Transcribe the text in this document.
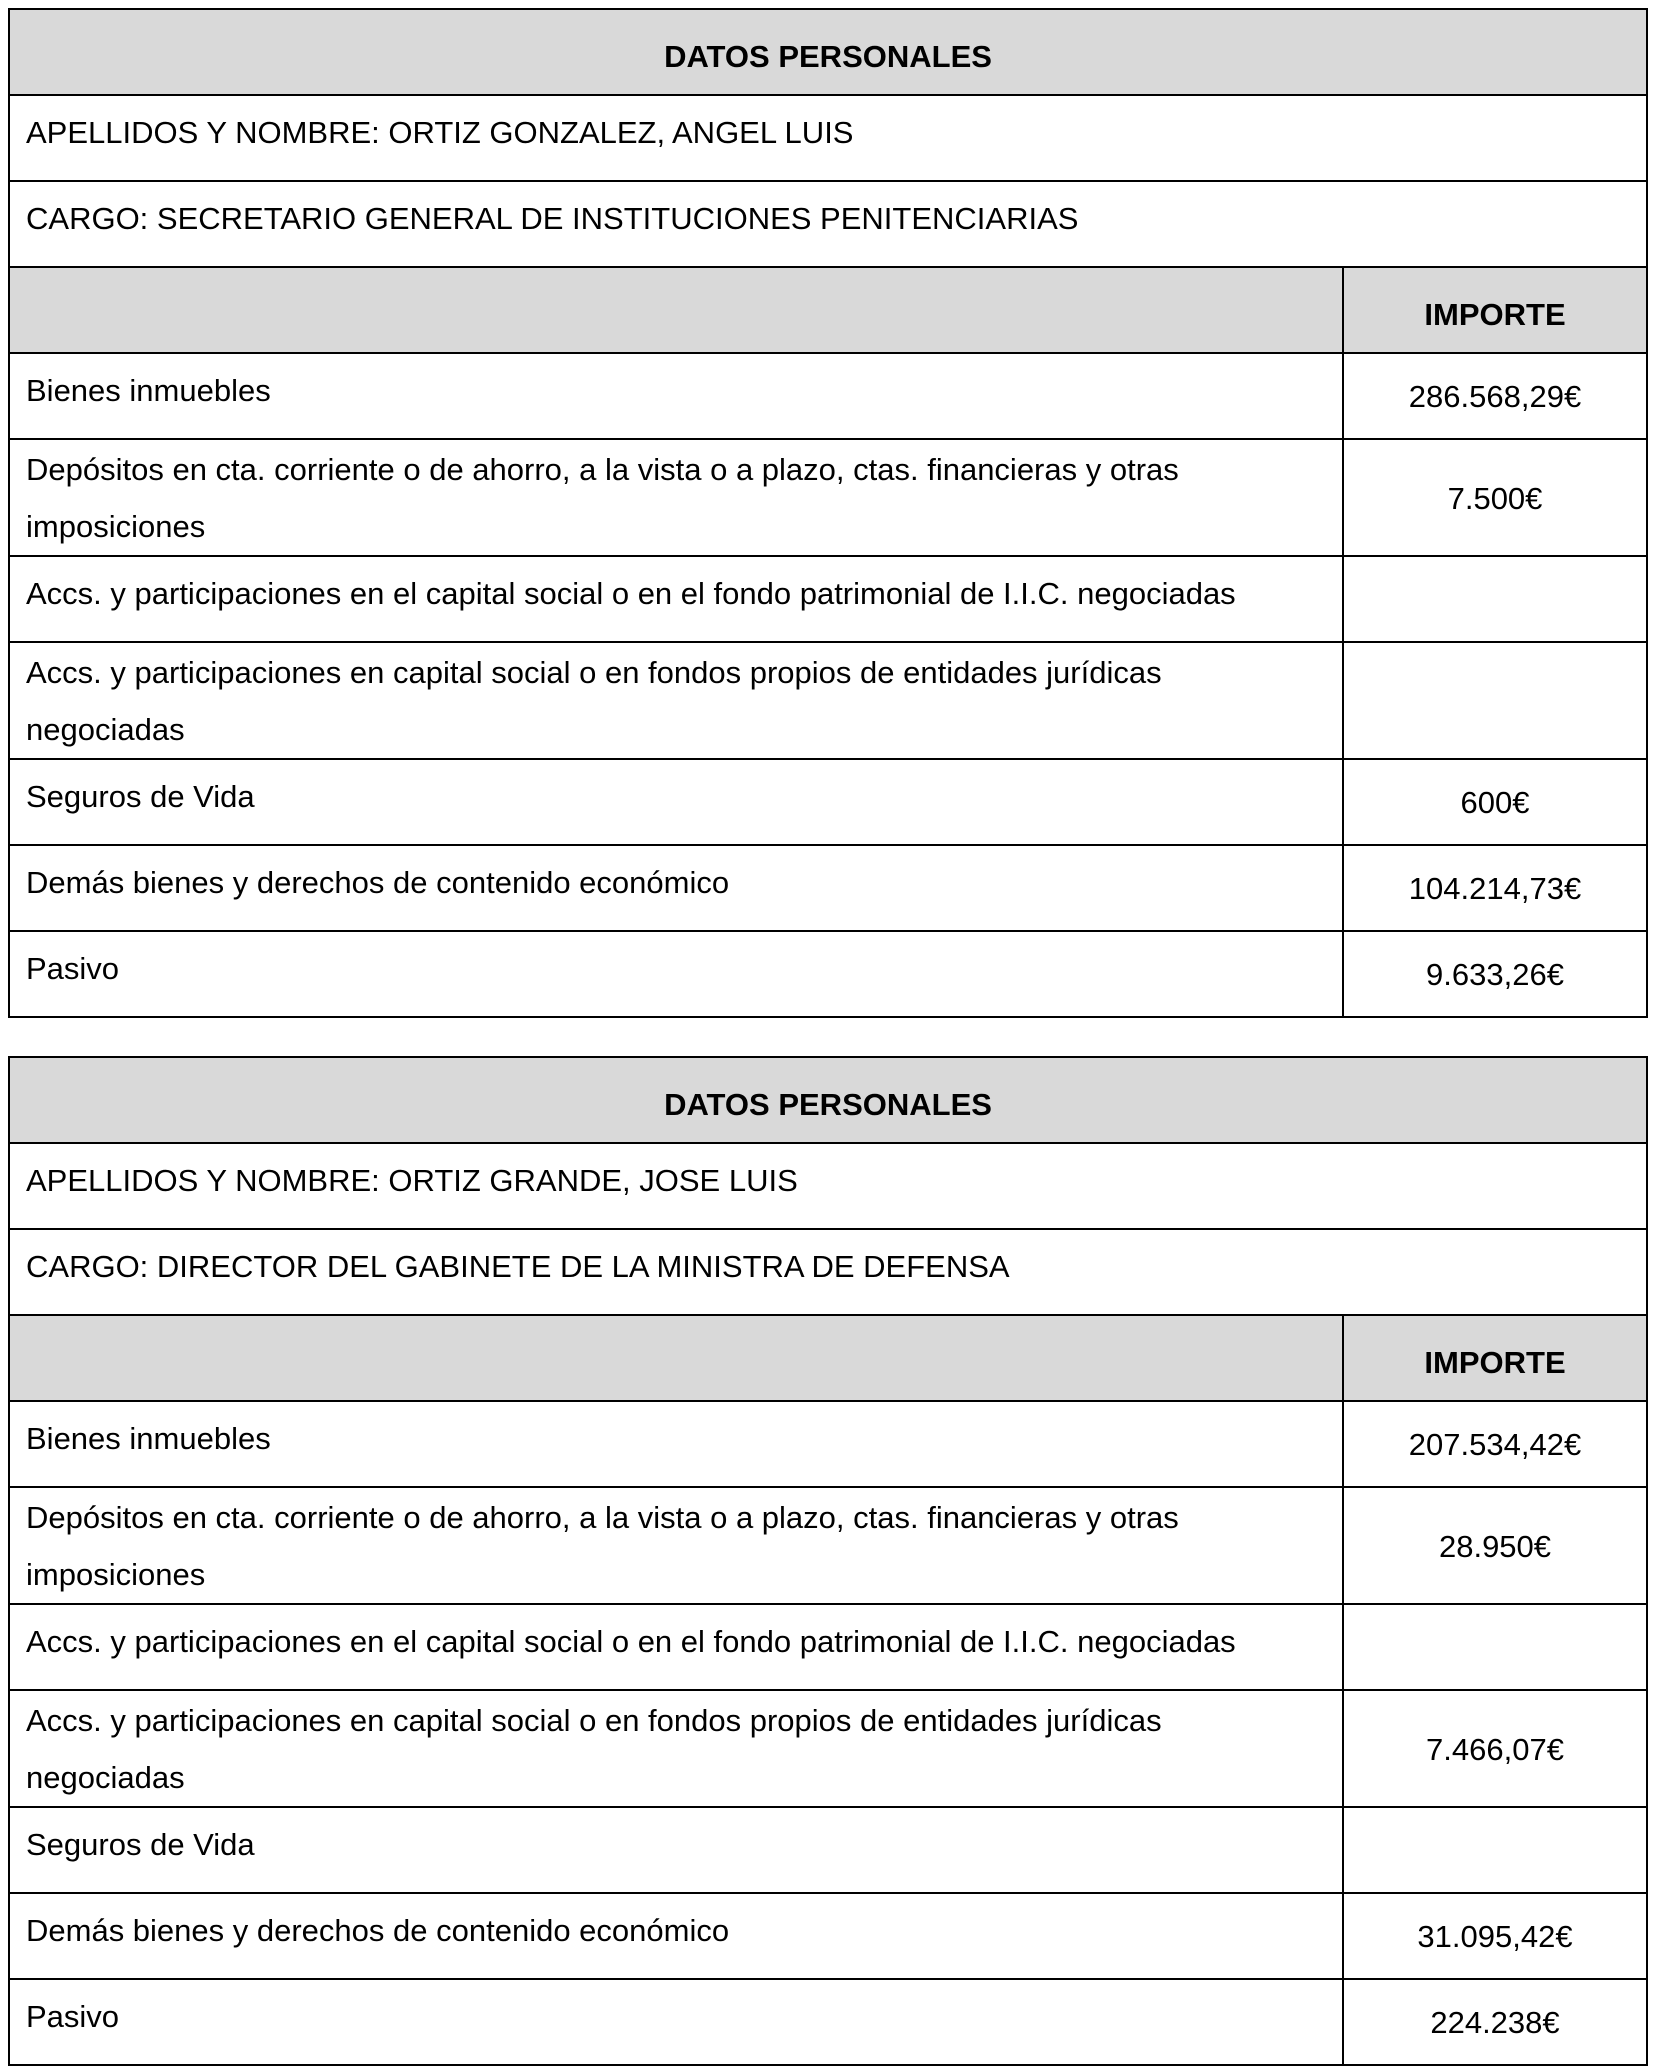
DATOS PERSONALES	
APELLIDOS Y NOMBRE: ORTIZ GONZALEZ, ANGEL LUIS	
CARGO: SECRETARIO GENERAL DE INSTITUCIONES PENITENCIARIAS	
	IMPORTE
Bienes inmuebles	286.568,29€
Depósitos en cta. corriente o de ahorro, a la vista o a plazo, ctas. financieras y otras imposiciones	7.500€
Accs. y participaciones en el capital social o en el fondo patrimonial de I.I.C. negociadas	
Accs. y participaciones en capital social o en fondos propios de entidades jurídicas negociadas	
Seguros de Vida	600€
Demás bienes y derechos de contenido económico	104.214,73€
Pasivo	9.633,26€
DATOS PERSONALES	
APELLIDOS Y NOMBRE: ORTIZ GRANDE, JOSE LUIS	
CARGO: DIRECTOR DEL GABINETE DE LA MINISTRA DE DEFENSA	
	IMPORTE
Bienes inmuebles	207.534,42€
Depósitos en cta. corriente o de ahorro, a la vista o a plazo, ctas. financieras y otras imposiciones	28.950€
Accs. y participaciones en el capital social o en el fondo patrimonial de I.I.C. negociadas	
Accs. y participaciones en capital social o en fondos propios de entidades jurídicas negociadas	7.466,07€
Seguros de Vida	
Demás bienes y derechos de contenido económico	31.095,42€
Pasivo	224.238€
